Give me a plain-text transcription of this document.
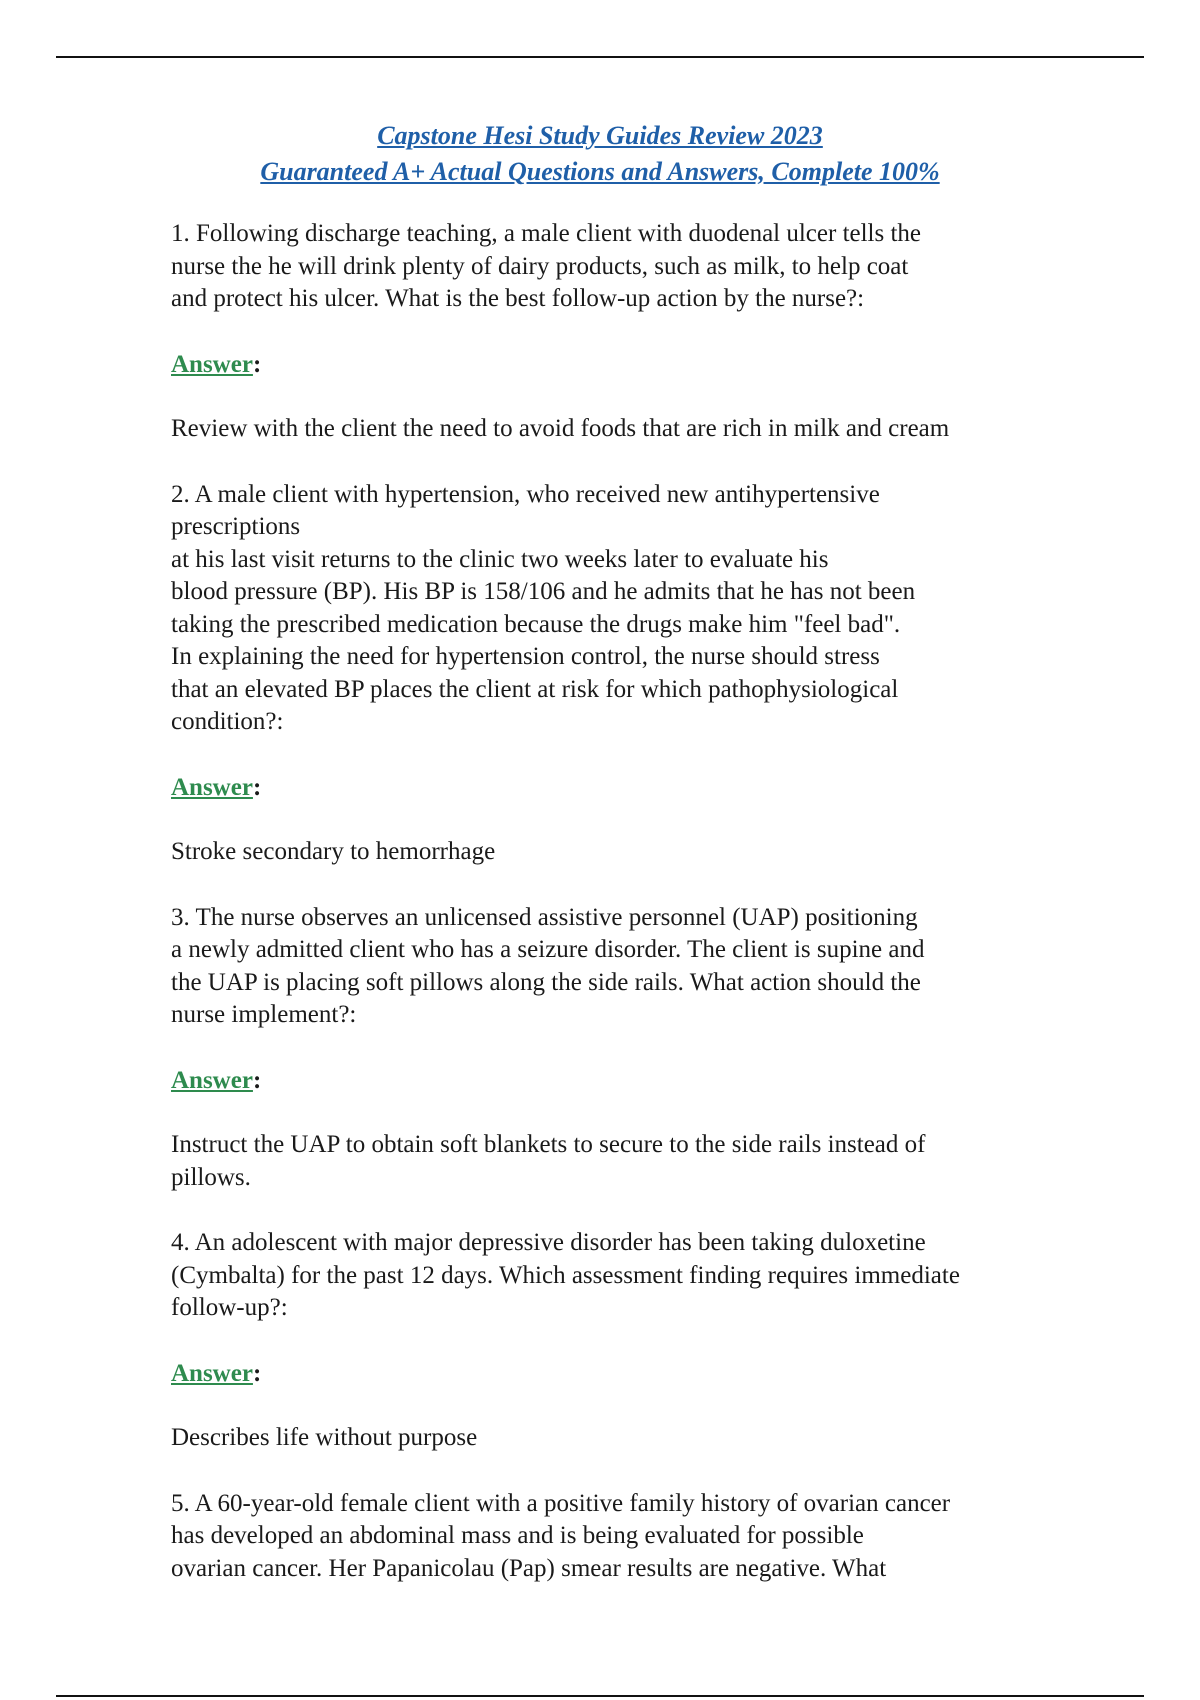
Capstone Hesi Study Guides Review 2023
Guaranteed A+ Actual Questions and Answers, Complete 100%

1. Following discharge teaching, a male client with duodenal ulcer tells the
nurse the he will drink plenty of dairy products, such as milk, to help coat
and protect his ulcer. What is the best follow-up action by the nurse?:

Answer:

Review with the client the need to avoid foods that are rich in milk and cream

2. A male client with hypertension, who received new antihypertensive
prescriptions
at his last visit returns to the clinic two weeks later to evaluate his
blood pressure (BP). His BP is 158/106 and he admits that he has not been
taking the prescribed medication because the drugs make him "feel bad".
In explaining the need for hypertension control, the nurse should stress
that an elevated BP places the client at risk for which pathophysiological
condition?:

Answer:

Stroke secondary to hemorrhage

3. The nurse observes an unlicensed assistive personnel (UAP) positioning
a newly admitted client who has a seizure disorder. The client is supine and
the UAP is placing soft pillows along the side rails. What action should the
nurse implement?:

Answer:

Instruct the UAP to obtain soft blankets to secure to the side rails instead of
pillows.

4. An adolescent with major depressive disorder has been taking duloxetine
(Cymbalta) for the past 12 days. Which assessment finding requires immediate
follow-up?:

Answer:

Describes life without purpose

5. A 60-year-old female client with a positive family history of ovarian cancer
has developed an abdominal mass and is being evaluated for possible
ovarian cancer. Her Papanicolau (Pap) smear results are negative. What
